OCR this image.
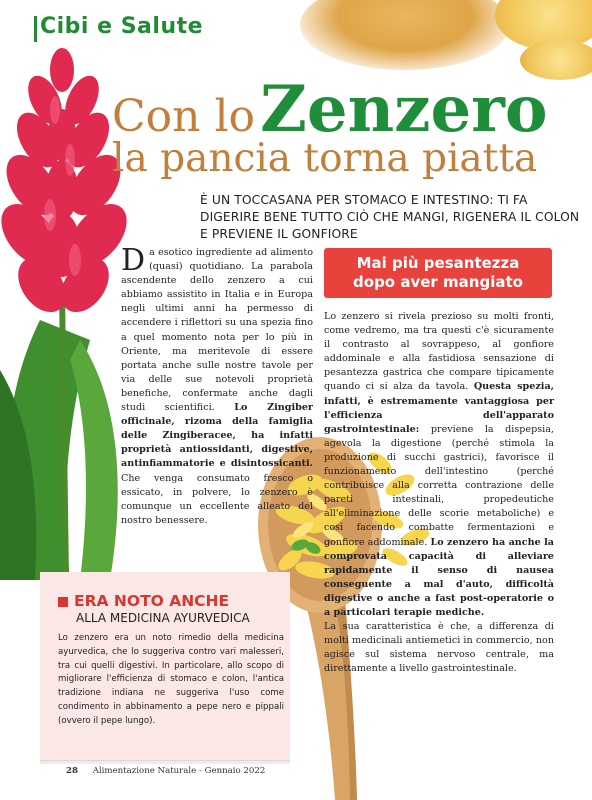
Cibi e Salute
Con lo Zenzero
la pancia torna piatta
È UN TOCCASANA PER STOMACO E INTESTINO: TI FA DIGERIRE BENE TUTTO CIÒ CHE MANGI, RIGENERA IL COLON E PREVIENE IL GONFIORE
Da esotico ingrediente ad alimento (quasi) quotidiano. La parabola ascendente dello zenzero a cui abbiamo assistito in Italia e in Europa negli ultimi anni ha permesso di accendere i riflettori su una spezia fino a quel momento nota per lo più in Oriente, ma meritevole di essere portata anche sulle nostre tavole per via delle sue notevoli proprietà benefiche, confermate anche dagli studi scientifici. Lo Zingiber officinale, rizoma della famiglia delle Zingiberacee, ha infatti proprietà antiossidanti, digestive, antinfiammatorie e disintossicanti. Che venga consumato fresco o essicato, in polvere, lo zenzero è comunque un eccellente alleato del nostro benessere.
Mai più pesantezza
dopo aver mangiato
Lo zenzero si rivela prezioso su molti fronti, come vedremo, ma tra questi c'è sicuramente il contrasto al sovrappeso, al gonfiore addominale e alla fastidiosa sensazione di pesantezza gastrica che compare tipicamente quando ci si alza da tavola. Questa spezia, infatti, è estremamente vantaggiosa per l'efficienza dell'apparato gastrointestinale: previene la dispepsia, agevola la digestione (perché stimola la produzione di succhi gastrici), favorisce il funzionamento dell'intestino (perché contribuisce alla corretta contrazione delle pareti intestinali, propedeutiche all'eliminazione delle scorie metaboliche) e così facendo combatte fermentazioni e gonfiore addominale. Lo zenzero ha anche la comprovata capacità di alleviare rapidamente il senso di nausea conseguente a mal d'auto, difficoltà digestive o anche a fast post-operatorie o a particolari terapie mediche.
La sua caratteristica è che, a differenza di molti medicinali antiemetici in commercio, non agisce sul sistema nervoso centrale, ma direttamente a livello gastrointestinale.
ERA NOTO ANCHE
ALLA MEDICINA AYURVEDICA
Lo zenzero era un noto rimedio della medicina ayurvedica, che lo suggeriva contro vari malesseri, tra cui quelli digestivi. In particolare, allo scopo di migliorare l'efficienza di stomaco e colon, l'antica tradizione indiana ne suggeriva l'uso come condimento in abbinamento a pepe nero e pippali (ovvero il pepe lungo).
28 Alimentazione Naturale - Gennaio 2022
